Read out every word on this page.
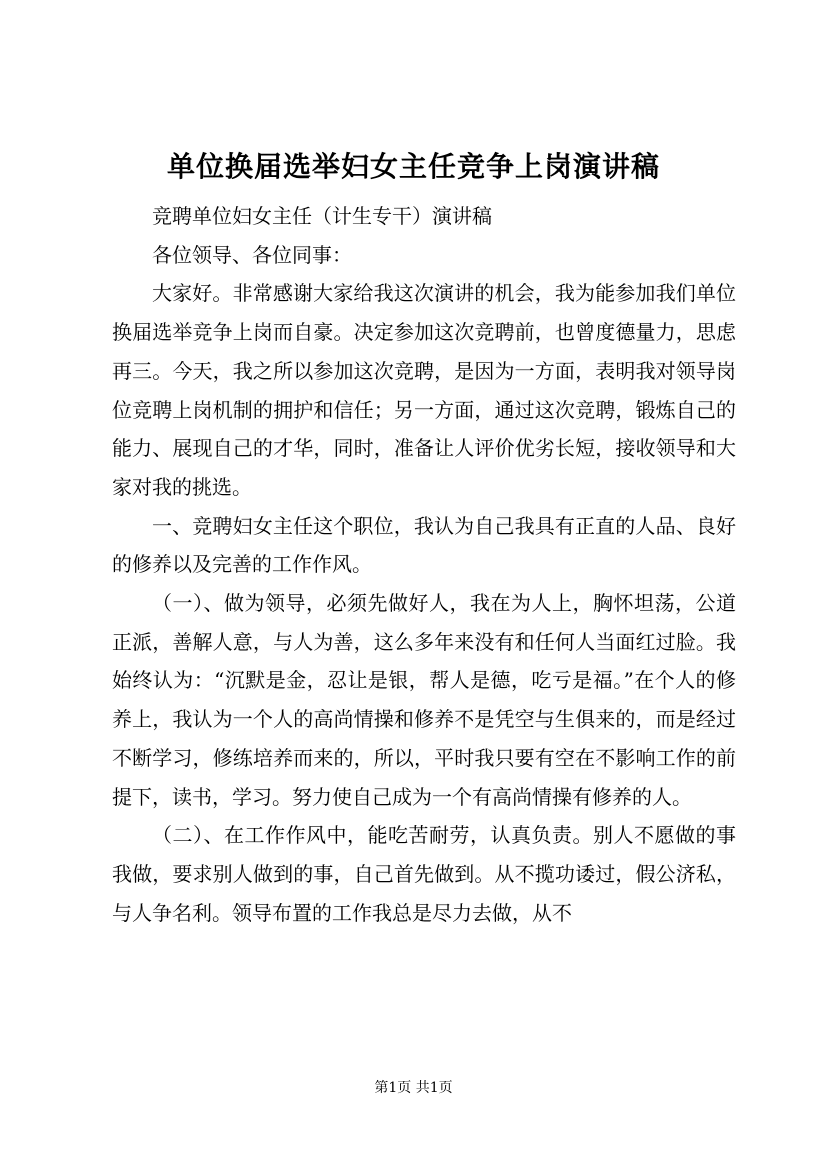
单位换届选举妇女主任竞争上岗演讲稿

竞聘单位妇女主任（计生专干）演讲稿

各位领导、各位同事：

大家好。非常感谢大家给我这次演讲的机会，我为能参加我们单位换届选举竞争上岗而自豪。决定参加这次竞聘前，也曾度德量力，思虑再三。今天，我之所以参加这次竞聘，是因为一方面，表明我对领导岗位竞聘上岗机制的拥护和信任；另一方面，通过这次竞聘，锻炼自己的能力、展现自己的才华，同时，准备让人评价优劣长短，接收领导和大家对我的挑选。

一、竞聘妇女主任这个职位，我认为自己我具有正直的人品、良好的修养以及完善的工作作风。

（一）、做为领导，必须先做好人，我在为人上，胸怀坦荡，公道正派，善解人意，与人为善，这么多年来没有和任何人当面红过脸。我始终认为：“沉默是金，忍让是银，帮人是德，吃亏是福。”在个人的修养上，我认为一个人的高尚情操和修养不是凭空与生俱来的，而是经过不断学习，修练培养而来的，所以，平时我只要有空在不影响工作的前提下，读书，学习。努力使自己成为一个有高尚情操有修养的人。

（二）、在工作作风中，能吃苦耐劳，认真负责。别人不愿做的事我做，要求别人做到的事，自己首先做到。从不揽功诿过，假公济私，与人争名利。领导布置的工作我总是尽力去做，从不

第1页 共1页
